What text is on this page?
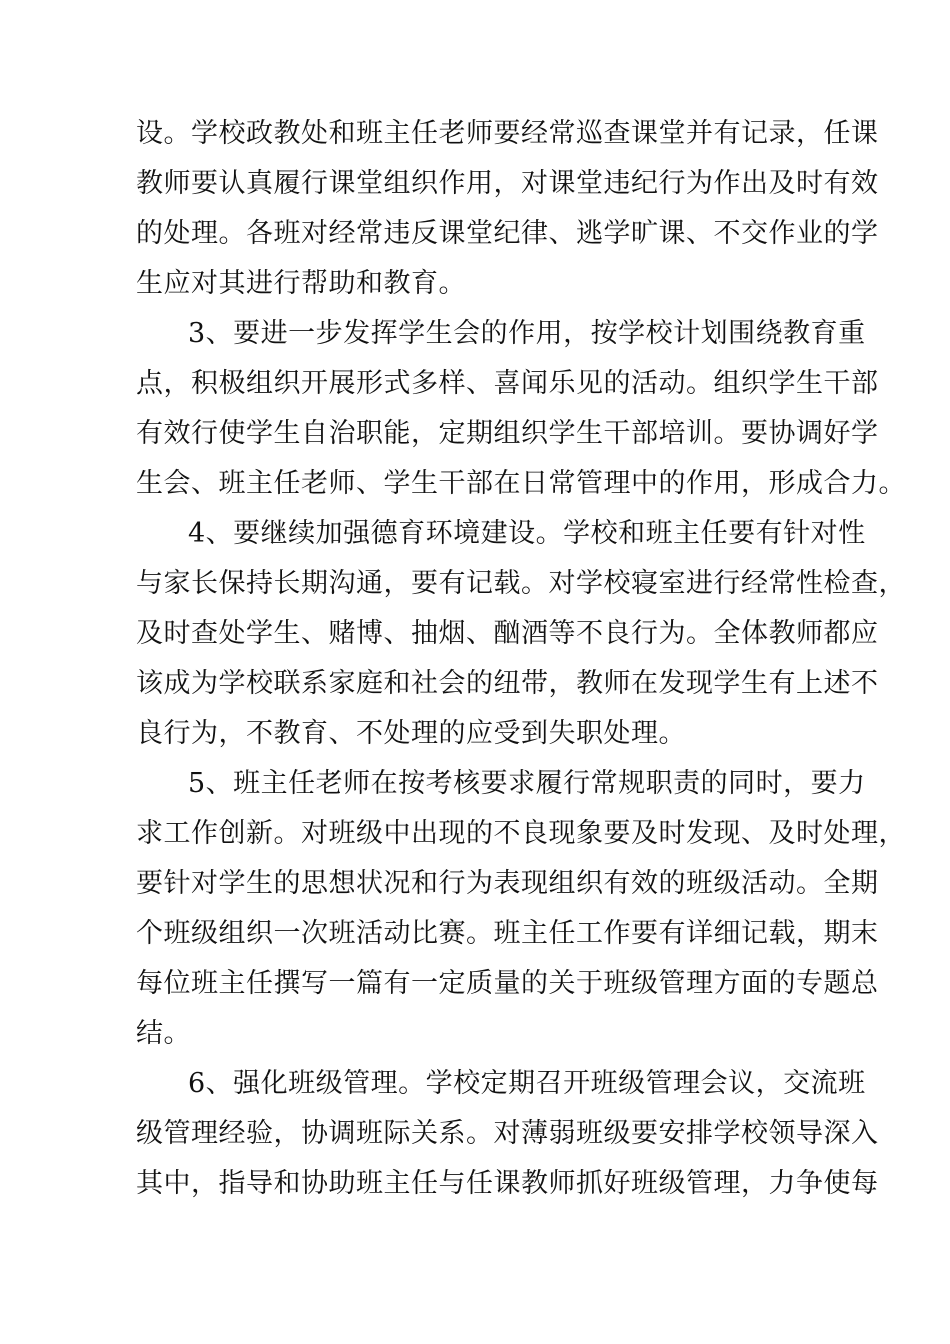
设。学校政教处和班主任老师要经常巡查课堂并有记录，任课
教师要认真履行课堂组织作用，对课堂违纪行为作出及时有效
的处理。各班对经常违反课堂纪律、逃学旷课、不交作业的学
生应对其进行帮助和教育。
3、要进一步发挥学生会的作用，按学校计划围绕教育重
点，积极组织开展形式多样、喜闻乐见的活动。组织学生干部
有效行使学生自治职能，定期组织学生干部培训。要协调好学
生会、班主任老师、学生干部在日常管理中的作用，形成合力。
4、要继续加强德育环境建设。学校和班主任要有针对性
与家长保持长期沟通，要有记载。对学校寝室进行经常性检查，
及时查处学生、赌博、抽烟、酗酒等不良行为。全体教师都应
该成为学校联系家庭和社会的纽带，教师在发现学生有上述不
良行为，不教育、不处理的应受到失职处理。
5、班主任老师在按考核要求履行常规职责的同时，要力
求工作创新。对班级中出现的不良现象要及时发现、及时处理，
要针对学生的思想状况和行为表现组织有效的班级活动。全期
个班级组织一次班活动比赛。班主任工作要有详细记载，期末
每位班主任撰写一篇有一定质量的关于班级管理方面的专题总
结。
6、强化班级管理。学校定期召开班级管理会议，交流班
级管理经验，协调班际关系。对薄弱班级要安排学校领导深入
其中，指导和协助班主任与任课教师抓好班级管理，力争使每
